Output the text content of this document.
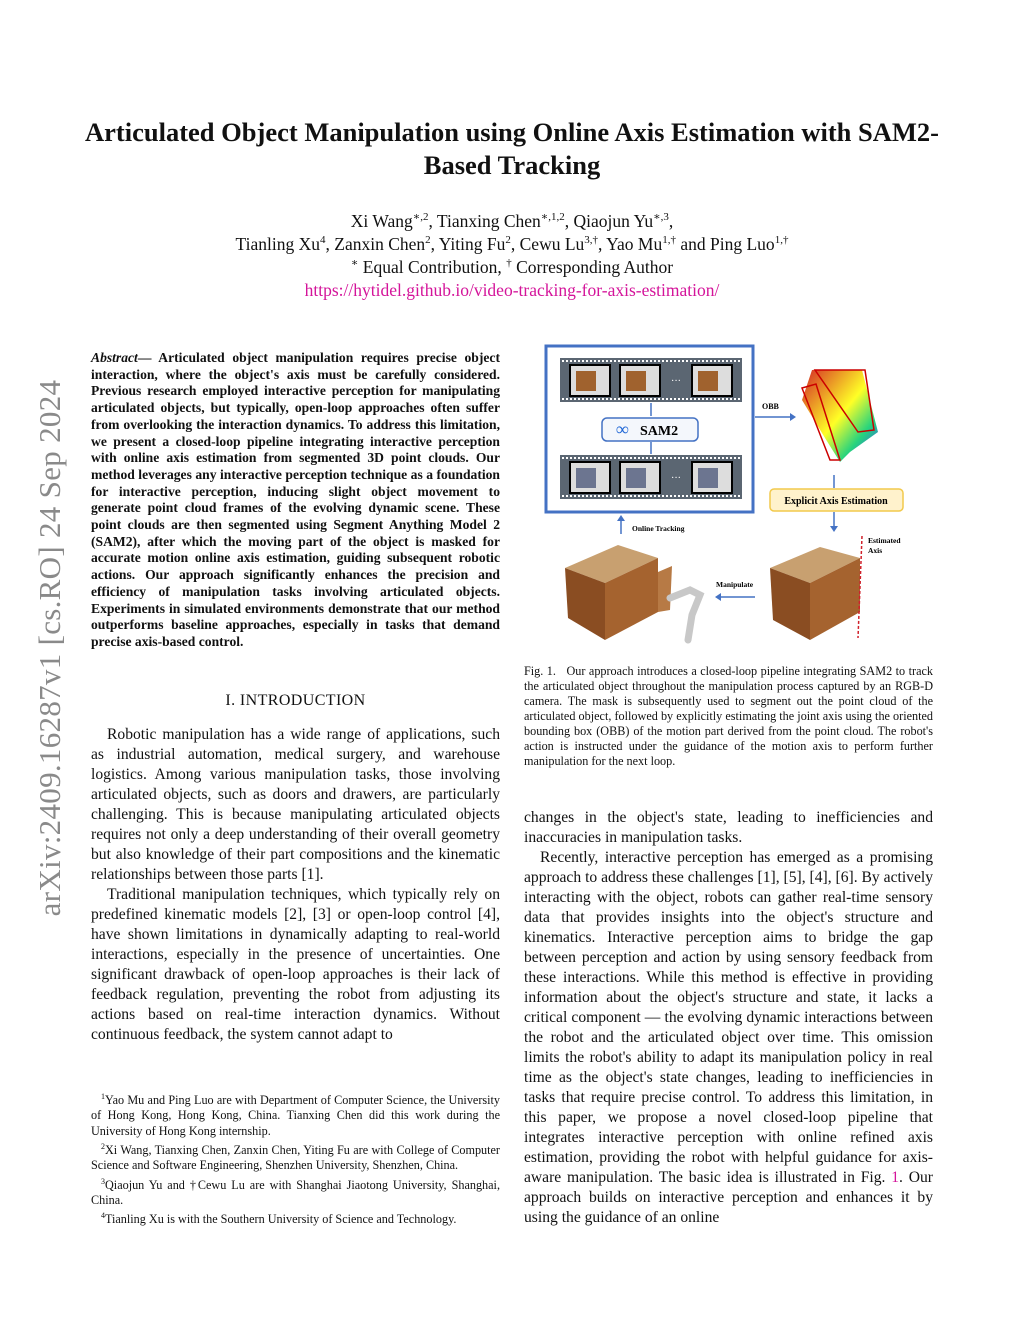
arXiv:2409.16287v1 [cs.RO] 24 Sep 2024
Articulated Object Manipulation using Online Axis Estimation with SAM2-Based Tracking
Xi Wang$^{∗,2}$, Tianxing Chen$^{∗,1,2}$, Qiaojun $Yu^{∗,3}$,
Tianling Xu$^4$, Zanxin Chen$^2$, Yiting Fu$^2$, Cewu $Lu^{3,\dagger}$, Yao $Mu^{1,\dagger}$ and Ping Luo$^{1,\dagger}$
∗ Equal Contribution, † Corresponding Author
https://hytidel.github.io/video-tracking-for-axis-estimation/
Abstract— Articulated object manipulation requires precise object interaction, where the object's axis must be carefully considered. Previous research employed interactive perception for manipulating articulated objects, but typically, open-loop approaches often suffer from overlooking the interaction dynamics. To address this limitation, we present a closed-loop pipeline integrating interactive perception with online axis estimation from segmented 3D point clouds. Our method leverages any interactive perception technique as a foundation for interactive perception, inducing slight object movement to generate point cloud frames of the evolving dynamic scene. These point clouds are then segmented using Segment Anything Model 2 (SAM2), after which the moving part of the object is masked for accurate motion online axis estimation, guiding subsequent robotic actions. Our approach significantly enhances the precision and efficiency of manipulation tasks involving articulated objects. Experiments in simulated environments demonstrate that our method outperforms baseline approaches, especially in tasks that demand precise axis-based control.
I. INTRODUCTION

Robotic manipulation has a wide range of applications, such as industrial automation, medical surgery, and warehouse logistics. Among various manipulation tasks, those involving articulated objects, such as doors and drawers, are particularly challenging. This is because manipulating articulated objects requires not only a deep understanding of their overall geometry but also knowledge of their part compositions and the kinematic relationships between those parts [1].

Traditional manipulation techniques, which typically rely on predefined kinematic models [2], [3] or open-loop control [4], have shown limitations in dynamically adapting to real-world interactions, especially in the presence of uncertainties. One significant drawback of open-loop approaches is their lack of feedback regulation, preventing the robot from adjusting its actions based on real-time interaction dynamics. Without continuous feedback, the system cannot adapt to

$^1$Yao Mu and Ping Luo are with Department of Computer Science, the University of Hong Kong, Hong Kong, China. Tianxing Chen did this work during the University of Hong Kong internship.

$^2$Xi Wang, Tianxing Chen, Zanxin Chen, Yiting Fu are with College of Computer Science and Software Engineering, Shenzhen University, Shenzhen, China.

$^3$Qiaojun Yu and †Cewu Lu are with Shanghai Jiaotong University, Shanghai, China.

$^4$Tianling Xu is with the Southern University of Science and Technology.

···
∞ SAM2
···
OBB
Explicit Axis Estimation
Online Tracking
Manipulate
Estimated
Axis
Fig. 1. Our approach introduces a closed-loop pipeline integrating SAM2 to track the articulated object throughout the manipulation process captured by an RGB-D camera. The mask is subsequently used to segment out the point cloud of the articulated object, followed by explicitly estimating the joint axis using the oriented bounding box (OBB) of the motion part derived from the point cloud. The robot's action is instructed under the guidance of the motion axis to perform further manipulation for the next loop.

changes in the object's state, leading to inefficiencies and inaccuracies in manipulation tasks.

Recently, interactive perception has emerged as a promising approach to address these challenges [1], [5], [4], [6]. By actively interacting with the object, robots can gather real-time sensory data that provides insights into the object's structure and kinematics. Interactive perception aims to bridge the gap between perception and action by using sensory feedback from these interactions. While this method is effective in providing information about the object's structure and state, it lacks a critical component — the evolving dynamic interactions between the robot and the articulated object over time. This omission limits the robot's ability to adapt its manipulation policy in real time as the object's state changes, leading to inefficiencies in tasks that require precise control. To address this limitation, in this paper, we propose a novel closed-loop pipeline that integrates interactive perception with online refined axis estimation, providing the robot with helpful guidance for axis-aware manipulation. The basic idea is illustrated in Fig. 1. Our approach builds on interactive perception and enhances it by using the guidance of an online
